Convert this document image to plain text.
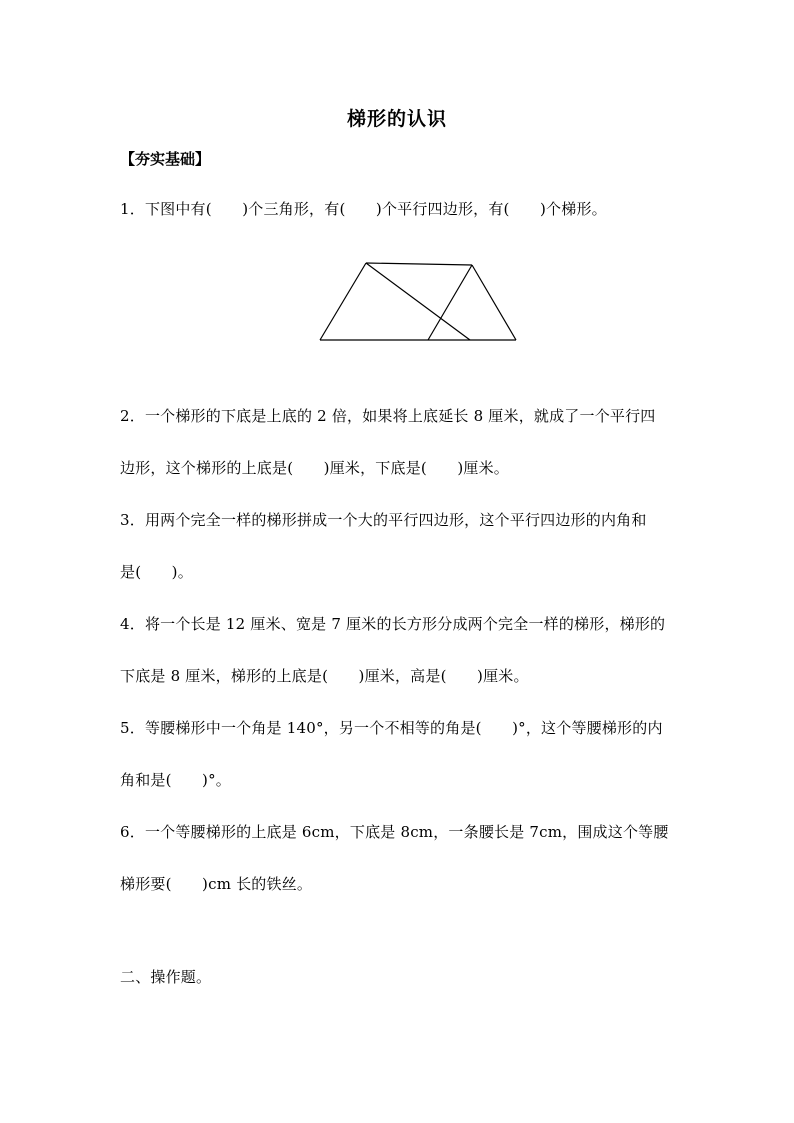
梯形的认识
【夯实基础】
1．下图中有(　　)个三角形，有(　　)个平行四边形，有(　　)个梯形。
2．一个梯形的下底是上底的 2 倍，如果将上底延长 8 厘米，就成了一个平行四
边形，这个梯形的上底是(　　)厘米，下底是(　　)厘米。
3．用两个完全一样的梯形拼成一个大的平行四边形，这个平行四边形的内角和
是(　　)。
4．将一个长是 12 厘米、宽是 7 厘米的长方形分成两个完全一样的梯形，梯形的
下底是 8 厘米，梯形的上底是(　　)厘米，高是(　　)厘米。
5．等腰梯形中一个角是 140°，另一个不相等的角是(　　)°，这个等腰梯形的内
角和是(　　)°。
6．一个等腰梯形的上底是 6cm，下底是 8cm，一条腰长是 7cm，围成这个等腰
梯形要(　　)cm 长的铁丝。
二、操作题。
